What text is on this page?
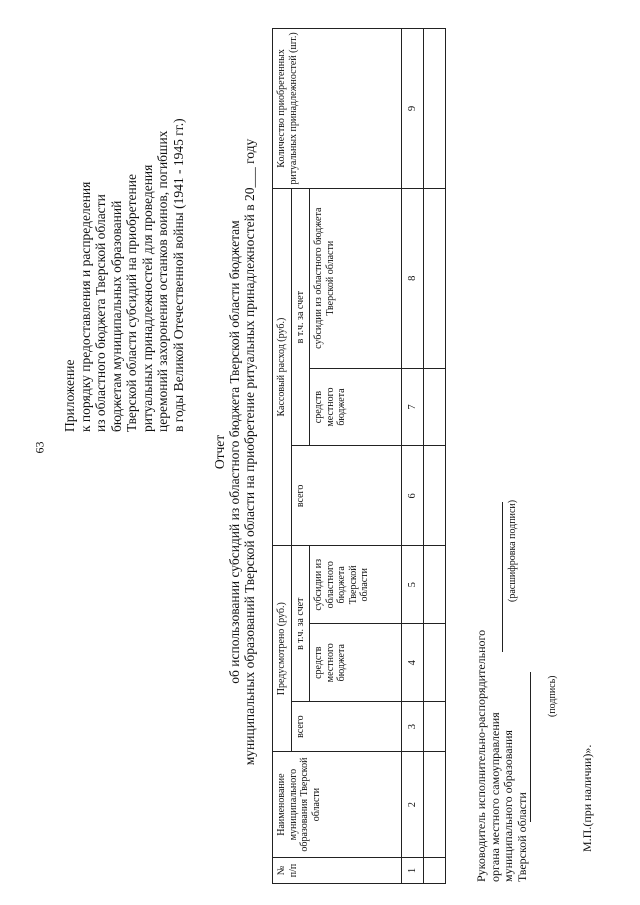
63
Приложение к порядку предоставления и распределения из областного бюджета Тверской области бюджетам муниципальных образований Тверской области субсидий на приобретение ритуальных принадлежностей для проведения церемоний захоронения останков воинов, погибших в годы Великой Отечественной войны (1941 - 1945 гг.)
Отчет об использовании субсидий из областного бюджета Тверской области бюджетам муниципальных образований Тверской области на приобретение ритуальных принадлежностей в 20___ году
№ п/п	Наименование муниципального образования Тверской области	Предусмотрено (руб.)			Кассовый расход (руб.)			Количество приобретенных ритуальных принадлежностей (шт.)
		всего	в т.ч. за счет		всего	в т.ч. за счет		
			средств местного бюджета	субсидии из областного бюджета Тверской области		средств местного бюджета	субсидии из областного бюджета Тверской области	
1	2	3	4	5	6	7	8	9

Руководитель исполнительно-распорядительного органа местного самоуправления муниципального образования Тверской области
(подпись)
(расшифровка подписи)
М.П.(при наличии)».
